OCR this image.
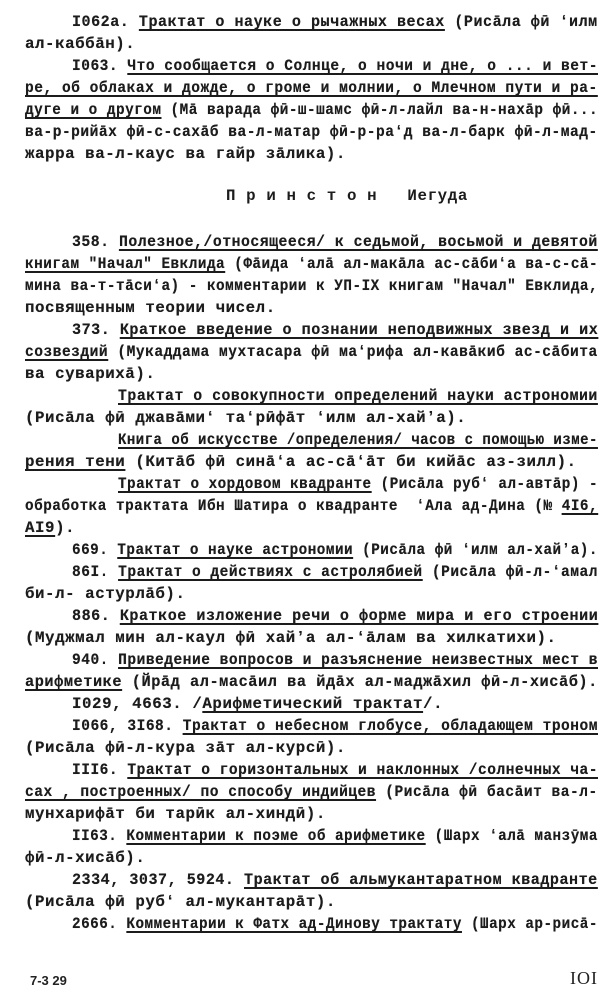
I062а. Трактат о науке о рычажных весах (Рисāла фӣ ʻилм
ал-каббāн).
I063. Что сообщается о Солнце, о ночи и дне, о ... и вет-
ре, об облаках и дожде, о громе и молнии, о Млечном пути и ра-
дуге и о другом (Мā варада фӣ-ш-шамс фӣ-л-лайл ва-н-нахāр фӣ...
ва-р-рийāх фӣ-с-сахāб ва-л-матар фӣ-р-раʻд ва-л-барк фӣ-л-мад-
жарра ва-л-каус ва гайр зāлика).
П р и н с т о н   Иегуда
358. Полезное,/относящееся/ к седьмой, восьмой и девятой
книгам "Начал" Евклида (Фāида ʻалā ал-макāла ас-сāбиʻа ва-с-сā-
мина ва-т-тāсиʻа) - комментарии к УП-IX книгам "Начал" Евклида,
посвященным теории чисел.
373. Краткое введение о познании неподвижных звезд и их
созвездий (Мукаддама мухтасара фӣ маʻрифа ал-кавāкиб ас-сāбита
ва суварихā).
Трактат о совокупности определений науки астрономии
(Рисāла фӣ джавāмиʻ таʻрӣфāт ʻилм ал-хайʼа).
Книга об искусстве /определения/ часов с помощью изме-
рения тени (Китāб фӣ синāʻа ас-сāʻāт би кийāс аз-зилл).
Трактат о хордовом квадранте (Рисāла рубʻ ал-автāр) -
обработка трактата Ибн Шатира о квадранте  ʻАла ад-Дина (№ 4I6,
AI9).
669. Трактат о науке астрономии (Рисāла фӣ ʻилм ал-хайʼа).
86I. Трактат о действиях с астролябией (Рисāла фӣ-л-ʻамал
би-л- астурлāб).
886. Краткое изложение речи о форме мира и его строении
(Муджмал мин ал-каул фӣ хайʼа ал-ʻāлам ва хилкатихи).
940. Приведение вопросов и разъяснение неизвестных мест в
арифметике (Йрāд ал-масāил ва йдāх ал-маджāхил фӣ-л-хисāб).
I029, 4663. /Арифметический трактат/.
I066, 3I68. Трактат о небесном глобусе, обладающем троном
(Рисāла фӣ-л-кура зāт ал-курсӣ).
III6. Трактат о горизонтальных и наклонных /солнечных ча-
сах , построенных/ по способу индийцев (Рисāла фӣ басāит ва-л-
мунхарифāт би тарӣк ал-хиндӣ).
II63. Комментарии к поэме об арифметике (Шарх ʻалā манзӯма
фӣ-л-хисāб).
2334, 3037, 5924. Трактат об альмукантаратном квадранте
(Рисāла фӣ рубʻ ал-мукантарāт).
2666. Комментарии к Фатх ад-Динову трактату (Шарх ар-рисā-
7-3 29	IOI
